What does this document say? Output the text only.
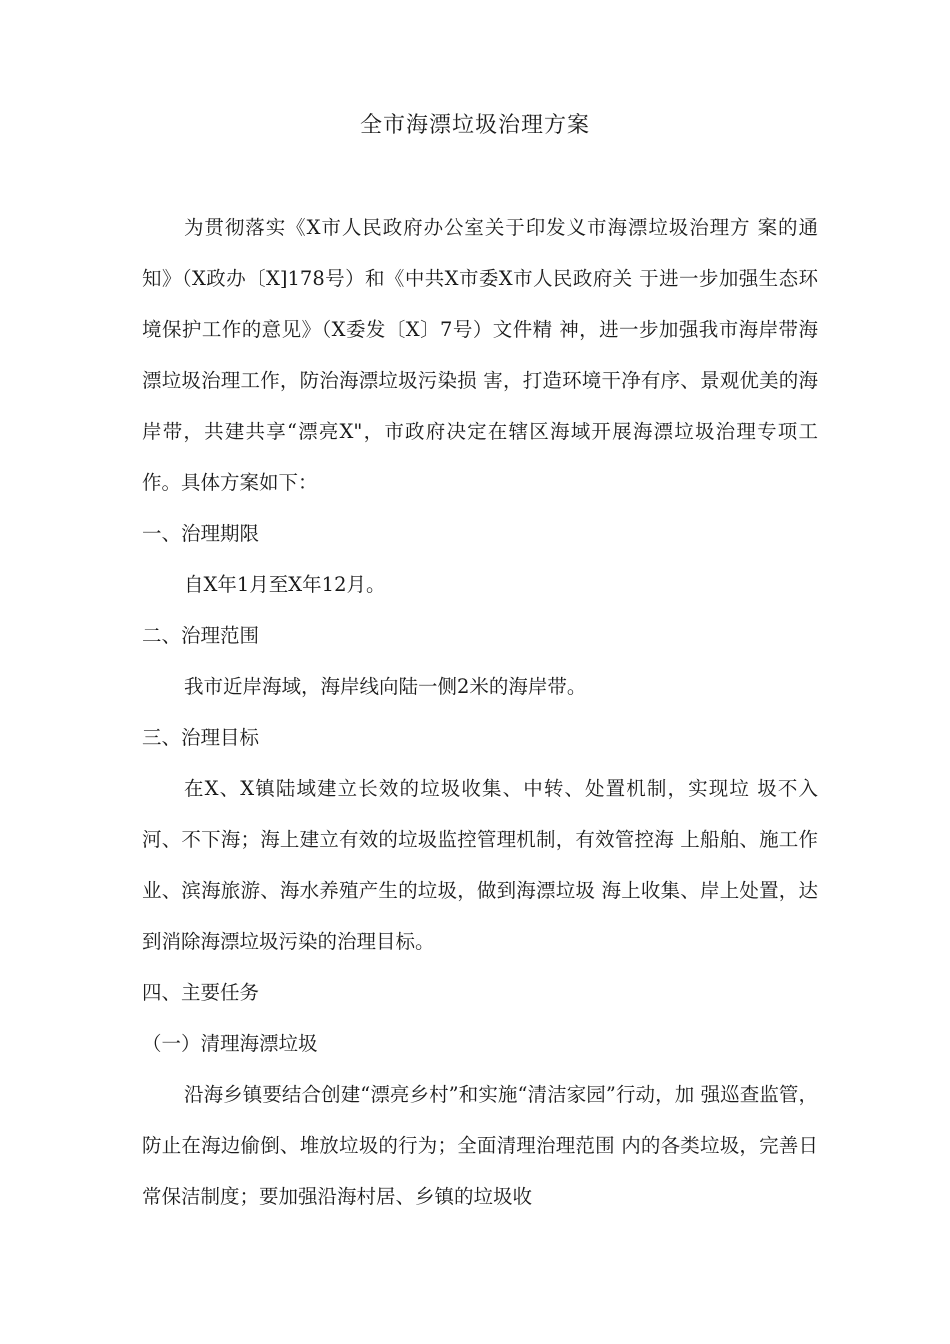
全市海漂垃圾治理方案

为贯彻落实《X市人民政府办公室关于印发义市海漂垃圾治理方 案的通知》（X政办〔X]178号）和《中共X市委X市人民政府关 于进一步加强生态环境保护工作的意见》（X委发〔X〕7号）文件精 神，进一步加强我市海岸带海漂垃圾治理工作，防治海漂垃圾污染损 害，打造环境干净有序、景观优美的海岸带，共建共享“漂亮X"，市政府决定在辖区海域开展海漂垃圾治理专项工作。具体方案如下：

一、治理期限

自X年1月至X年12月。

二、治理范围

我市近岸海域，海岸线向陆一侧2米的海岸带。

三、治理目标

在X、X镇陆域建立长效的垃圾收集、中转、处置机制，实现垃 圾不入河、不下海；海上建立有效的垃圾监控管理机制，有效管控海 上船舶、施工作业、滨海旅游、海水养殖产生的垃圾，做到海漂垃圾 海上收集、岸上处置，达到消除海漂垃圾污染的治理目标。

四、主要任务

（一）清理海漂垃圾

沿海乡镇要结合创建“漂亮乡村”和实施“清洁家园”行动，加 强巡查监管，防止在海边偷倒、堆放垃圾的行为；全面清理治理范围 内的各类垃圾，完善日常保洁制度；要加强沿海村居、乡镇的垃圾收
